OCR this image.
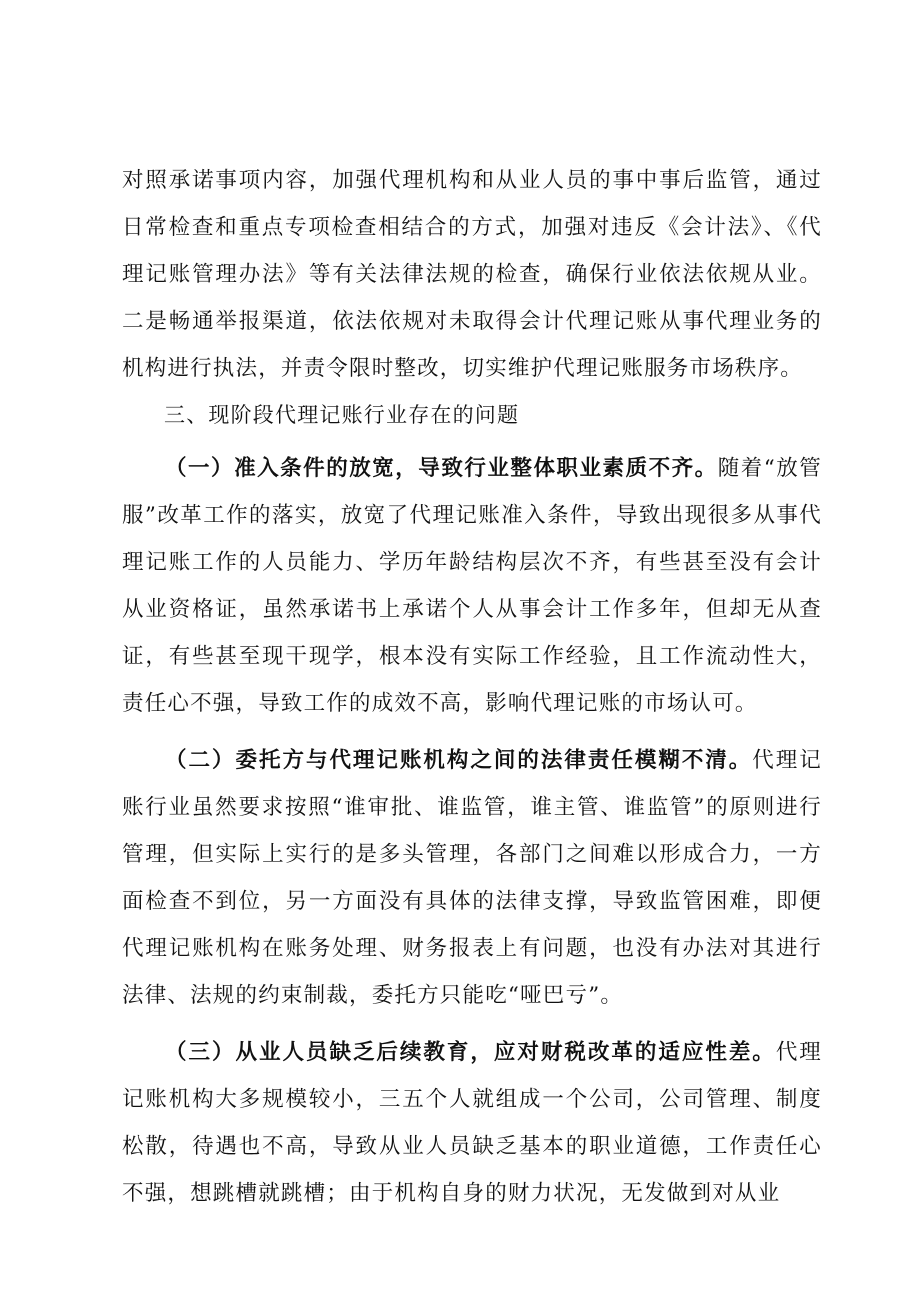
对照承诺事项内容，加强代理机构和从业人员的事中事后监管，通过日常检查和重点专项检查相结合的方式，加强对违反《会计法》、《代理记账管理办法》等有关法律法规的检查，确保行业依法依规从业。二是畅通举报渠道，依法依规对未取得会计代理记账从事代理业务的机构进行执法，并责令限时整改，切实维护代理记账服务市场秩序。

三、现阶段代理记账行业存在的问题

（一）准入条件的放宽，导致行业整体职业素质不齐。随着“放管服”改革工作的落实，放宽了代理记账准入条件，导致出现很多从事代理记账工作的人员能力、学历年龄结构层次不齐，有些甚至没有会计从业资格证，虽然承诺书上承诺个人从事会计工作多年，但却无从查证，有些甚至现干现学，根本没有实际工作经验，且工作流动性大，责任心不强，导致工作的成效不高，影响代理记账的市场认可。

（二）委托方与代理记账机构之间的法律责任模糊不清。代理记账行业虽然要求按照“谁审批、谁监管，谁主管、谁监管”的原则进行管理，但实际上实行的是多头管理，各部门之间难以形成合力，一方面检查不到位，另一方面没有具体的法律支撑，导致监管困难，即便代理记账机构在账务处理、财务报表上有问题，也没有办法对其进行法律、法规的约束制裁，委托方只能吃“哑巴亏”。

（三）从业人员缺乏后续教育，应对财税改革的适应性差。代理记账机构大多规模较小，三五个人就组成一个公司，公司管理、制度松散，待遇也不高，导致从业人员缺乏基本的职业道德，工作责任心不强，想跳槽就跳槽；由于机构自身的财力状况，无发做到对从业
